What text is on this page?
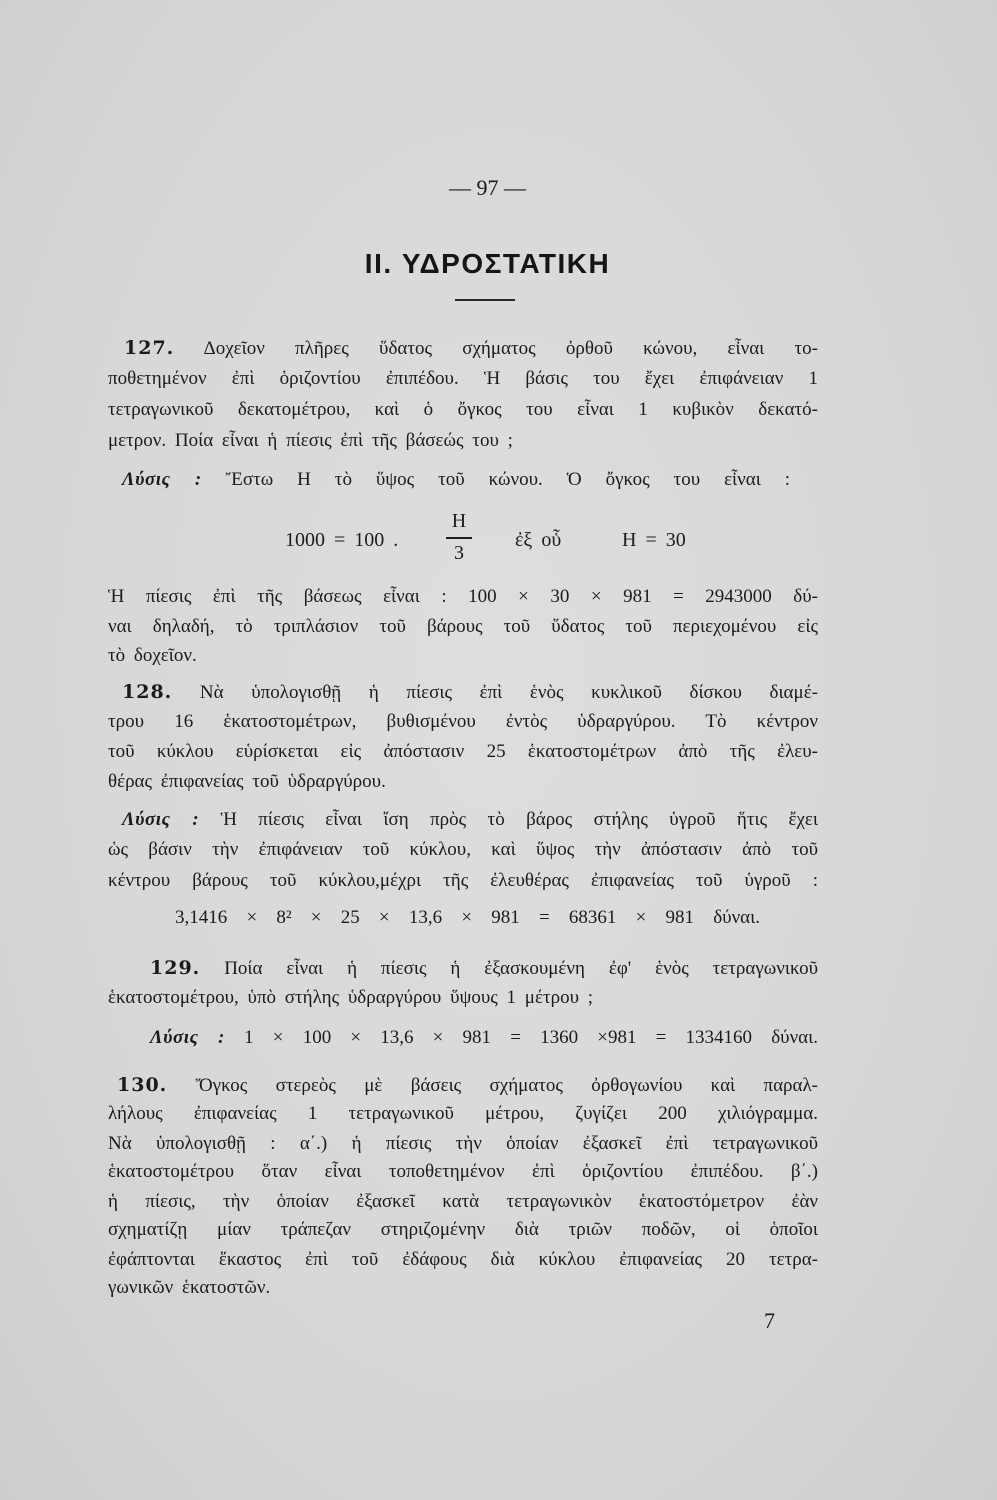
— 97 —
II. ΥΔΡΟΣΤΑΤΙΚΗ
127. Δοχεῖον πλῆρες ὕδατος σχήματος ὀρθοῦ κώνου, εἶναι το-
ποθετημένον ἐπὶ ὁριζοντίου ἐπιπέδου. Ἡ βάσις του ἔχει ἐπιφάνειαν 1
τετραγωνικοῦ δεκατομέτρου, καὶ ὁ ὄγκος του εἶναι 1 κυβικὸν δεκατό-
μετρον. Ποία εἶναι ἡ πίεσις ἐπὶ τῆς βάσεώς του ;
Λύσις : Ἔστω Η τὸ ὕψος τοῦ κώνου. Ὁ ὄγκος του εἶναι :
1000 = 100 .
Η
3
ἐξ οὗ	Η = 30
Ἡ πίεσις ἐπὶ τῆς βάσεως εἶναι : 100 × 30 × 981 = 2943000 δύ-
ναι δηλαδή, τὸ τριπλάσιον τοῦ βάρους τοῦ ὕδατος τοῦ περιεχομένου εἰς
τὸ δοχεῖον.
128. Νὰ ὑπολογισθῇ ἡ πίεσις ἐπὶ ἑνὸς κυκλικοῦ δίσκου διαμέ-
τρου 16 ἑκατοστομέτρων, βυθισμένου ἐντὸς ὑδραργύρου. Τὸ κέντρον
τοῦ κύκλου εὑρίσκεται εἰς ἀπόστασιν 25 ἑκατοστομέτρων ἀπὸ τῆς ἐλευ-
θέρας ἐπιφανείας τοῦ ὑδραργύρου.
Λύσις : Ἡ πίεσις εἶναι ἴση πρὸς τὸ βάρος στήλης ὑγροῦ ἥτις ἔχει
ὡς βάσιν τὴν ἐπιφάνειαν τοῦ κύκλου, καὶ ὕψος τὴν ἀπόστασιν ἀπὸ τοῦ
κέντρου βάρους τοῦ κύκλου,μέχρι τῆς ἐλευθέρας ἐπιφανείας τοῦ ὑγροῦ :
3,1416 × 8² × 25 × 13,6 × 981 = 68361 × 981 δύναι.
129. Ποία εἶναι ἡ πίεσις ἡ ἐξασκουμένη ἐφ' ἑνὸς τετραγωνικοῦ
ἑκατοστομέτρου, ὑπὸ στήλης ὑδραργύρου ὕψους 1 μέτρου ;
Λύσις : 1 × 100 × 13,6 × 981 = 1360 ×981 = 1334160 δύναι.
130. Ὄγκος στερεὸς μὲ βάσεις σχήματος ὀρθογωνίου καὶ παραλ-
λήλους ἐπιφανείας 1 τετραγωνικοῦ μέτρου, ζυγίζει 200 χιλιόγραμμα.
Νὰ ὑπολογισθῇ : α΄.) ἡ πίεσις τὴν ὁποίαν ἐξασκεῖ ἐπὶ τετραγωνικοῦ
ἑκατοστομέτρου ὅταν εἶναι τοποθετημένον ἐπὶ ὁριζοντίου ἐπιπέδου. β΄.)
ἡ πίεσις, τὴν ὁποίαν ἐξασκεῖ κατὰ τετραγωνικὸν ἑκατοστόμετρον ἐὰν
σχηματίζῃ μίαν τράπεζαν στηριζομένην διὰ τριῶν ποδῶν, οἱ ὁποῖοι
ἐφάπτονται ἕκαστος ἐπὶ τοῦ ἐδάφους διὰ κύκλου ἐπιφανείας 20 τετρα-
γωνικῶν ἑκατοστῶν.
7
